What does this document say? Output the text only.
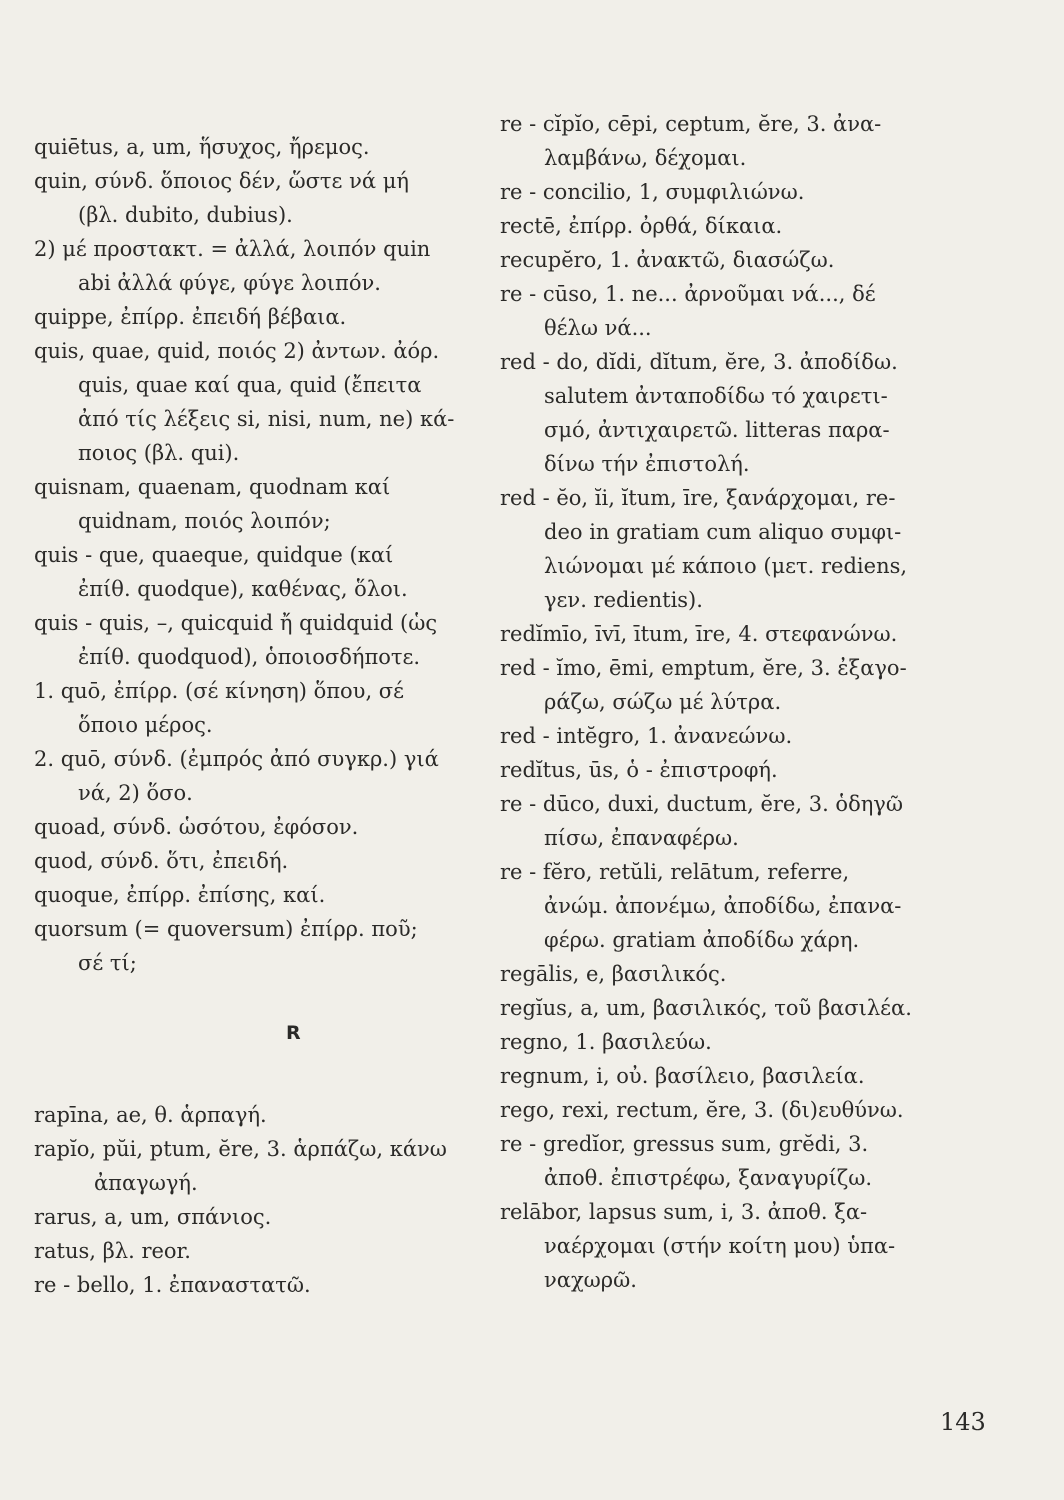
quiētus, a, um, ἥσυχος, ἤρεμος.

quin, σύνδ. ὅποιος δέν, ὥστε νά μή

(βλ. dubito, dubius).

2) μέ προστακτ. = ἀλλά, λοιπόν quin

abi ἀλλά φύγε, φύγε λοιπόν.

quippe, ἐπίρρ. ἐπειδή βέβαια.

quis, quae, quid, ποιός 2) ἀντων. ἀόρ.

quis, quae καί qua, quid (ἔπειτα

ἀπό τίς λέξεις si, nisi, num, ne) κά-

ποιος (βλ. qui).

quisnam, quaenam, quodnam καί

quidnam, ποιός λοιπόν;

quis - que, quaeque, quidque (καί

ἐπίθ. quodque), καθένας, ὅλοι.

quis - quis, –, quicquid ἤ quidquid (ὡς

ἐπίθ. quodquod), ὁποιοσδήποτε.

1. quō, ἐπίρρ. (σέ κίνηση) ὅπου, σέ

ὅποιο μέρος.

2. quō, σύνδ. (ἐμπρός ἀπό συγκρ.) γιά

νά, 2) ὅσο.

quoad, σύνδ. ὡσότου, ἐφόσον.

quod, σύνδ. ὅτι, ἐπειδή.

quoque, ἐπίρρ. ἐπίσης, καί.

quorsum (= quoversum) ἐπίρρ. ποῦ;

σέ τί;

R

rapīna, ae, θ. ἁρπαγή.

rapĭo, pŭi, ptum, ĕre, 3. ἁρπάζω, κάνω

ἀπαγωγή.

rarus, a, um, σπάνιος.

ratus, βλ. reor.

re - bello, 1. ἐπαναστατῶ.

re - cĭpĭo, cēpi, ceptum, ĕre, 3. ἀνα-

λαμβάνω, δέχομαι.

re - concilio, 1, συμφιλιώνω.

rectē, ἐπίρρ. ὀρθά, δίκαια.

recupĕro, 1. ἀνακτῶ, διασώζω.

re - cūso, 1. ne... ἀρνοῦμαι νά..., δέ

θέλω νά...

red - do, dĭdi, dĭtum, ĕre, 3. ἀποδίδω.

salutem ἀνταποδίδω τό χαιρετι-

σμό, ἀντιχαιρετῶ. litteras παρα-

δίνω τήν ἐπιστολή.

red - ĕo, ĭi, ĭtum, īre, ξανάρχομαι, re-

deo in gratiam cum aliquo συμφι-

λιώνομαι μέ κάποιο (μετ. rediens,

γεν. redientis).

redĭmīo, īvī, ītum, īre, 4. στεφανώνω.

red - ĭmo, ēmi, emptum, ĕre, 3. ἐξαγο-

ράζω, σώζω μέ λύτρα.

red - intĕgro, 1. ἀνανεώνω.

redĭtus, ūs, ὁ - ἐπιστροφή.

re - dūco, duxi, ductum, ĕre, 3. ὁδηγῶ

πίσω, ἐπαναφέρω.

re - fĕro, retŭli, relātum, referre,

ἀνώμ. ἀπονέμω, ἀποδίδω, ἐπανα-

φέρω. gratiam ἀποδίδω χάρη.

regālis, e, βασιλικός.

regĭus, a, um, βασιλικός, τοῦ βασιλέα.

regno, 1. βασιλεύω.

regnum, i, οὐ. βασίλειο, βασιλεία.

rego, rexi, rectum, ĕre, 3. (δι)ευθύνω.

re - gredĭor, gressus sum, grĕdi, 3.

ἀποθ. ἐπιστρέφω, ξαναγυρίζω.

relābor, lapsus sum, i, 3. ἀποθ. ξα-

ναέρχομαι (στήν κοίτη μου) ὑπα-

ναχωρῶ.

143
